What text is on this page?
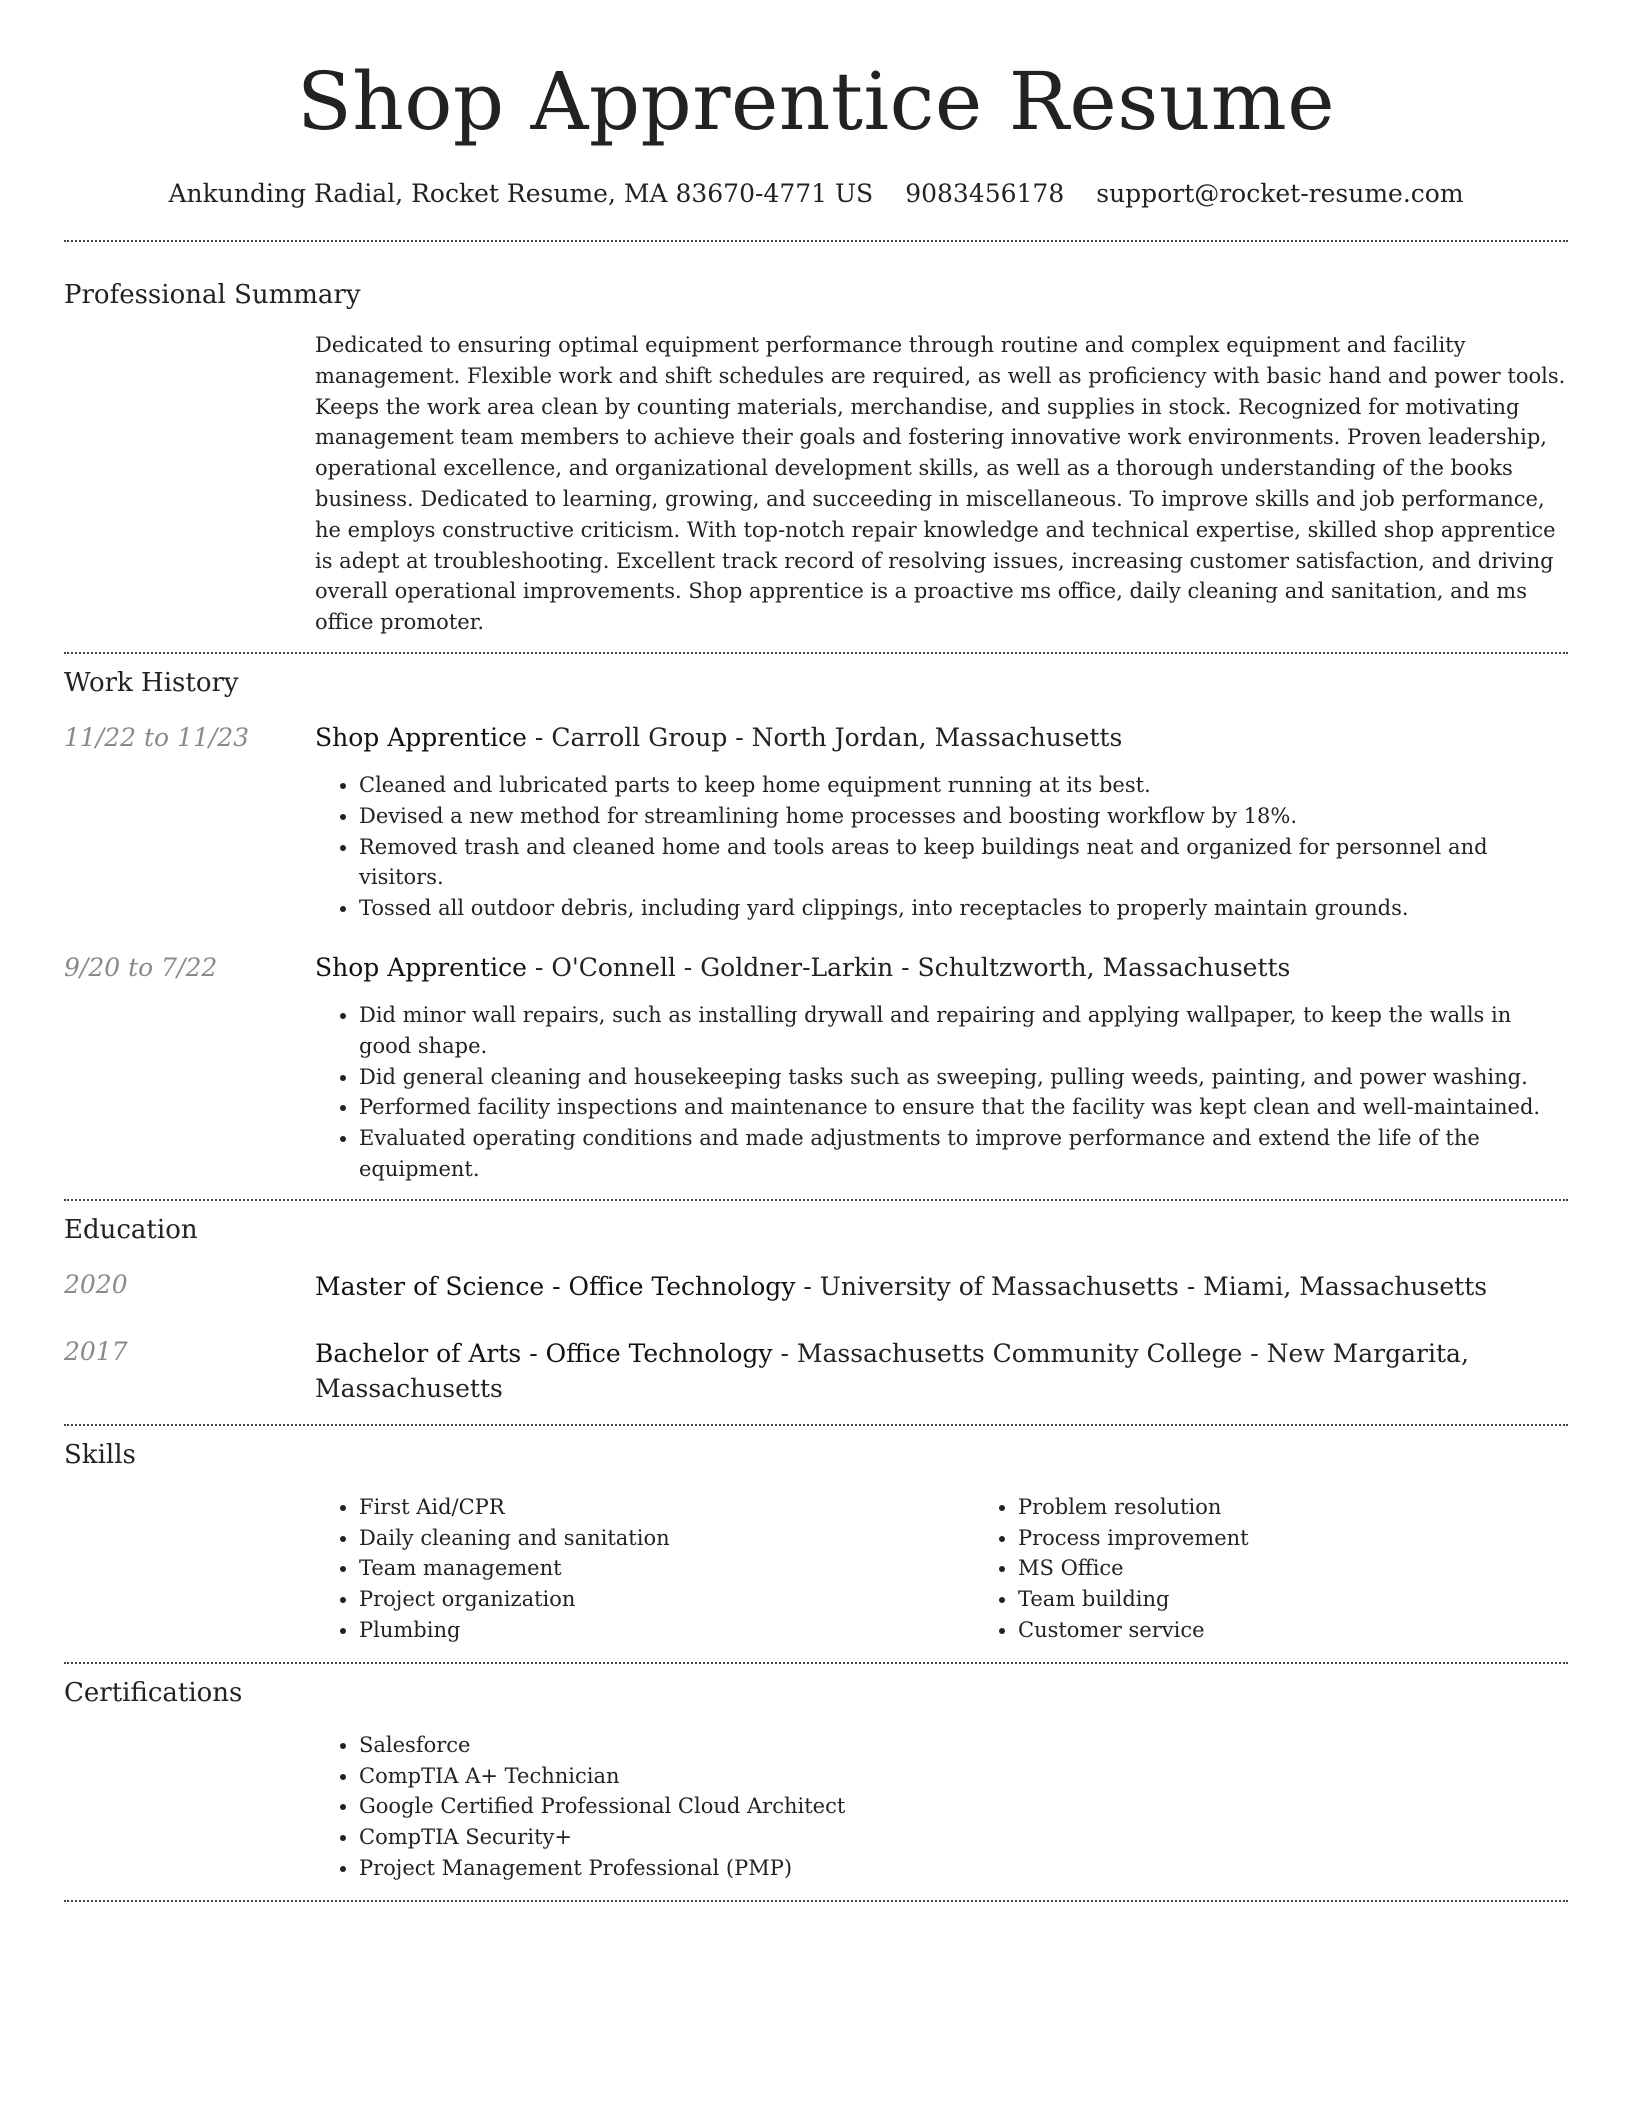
Shop Apprentice Resume
Ankunding Radial, Rocket Resume, MA 83670-4771 US 9083456178 support@rocket-resume.com
Professional Summary

Dedicated to ensuring optimal equipment performance through routine and complex equipment and facility management. Flexible work and shift schedules are required, as well as proficiency with basic hand and power tools. Keeps the work area clean by counting materials, merchandise, and supplies in stock. Recognized for motivating management team members to achieve their goals and fostering innovative work environments. Proven leadership, operational excellence, and organizational development skills, as well as a thorough understanding of the books business. Dedicated to learning, growing, and succeeding in miscellaneous. To improve skills and job performance, he employs constructive criticism. With top-notch repair knowledge and technical expertise, skilled shop apprentice is adept at troubleshooting. Excellent track record of resolving issues, increasing customer satisfaction, and driving overall operational improvements. Shop apprentice is a proactive ms office, daily cleaning and sanitation, and ms office promoter.

Work History
11/22 to 11/23	Shop Apprentice - Carroll Group - North Jordan, Massachusetts
• Cleaned and lubricated parts to keep home equipment running at its best.
• Devised a new method for streamlining home processes and boosting workflow by 18%.
• Removed trash and cleaned home and tools areas to keep buildings neat and organized for personnel and visitors.
• Tossed all outdoor debris, including yard clippings, into receptacles to properly maintain grounds.
9/20 to 7/22	Shop Apprentice - O'Connell - Goldner-Larkin - Schultzworth, Massachusetts
• Did minor wall repairs, such as installing drywall and repairing and applying wallpaper, to keep the walls in good shape.
• Did general cleaning and housekeeping tasks such as sweeping, pulling weeds, painting, and power washing.
• Performed facility inspections and maintenance to ensure that the facility was kept clean and well-maintained.
• Evaluated operating conditions and made adjustments to improve performance and extend the life of the equipment.
Education
2020	Master of Science - Office Technology - University of Massachusetts - Miami, Massachusetts
2017	Bachelor of Arts - Office Technology - Massachusetts Community College - New Margarita, Massachusetts
Skills
• First Aid/CPR
• Daily cleaning and sanitation
• Team management
• Project organization
• Plumbing
• Problem resolution
• Process improvement
• MS Office
• Team building
• Customer service
Certifications
• Salesforce
• CompTIA A+ Technician
• Google Certified Professional Cloud Architect
• CompTIA Security+
• Project Management Professional (PMP)
